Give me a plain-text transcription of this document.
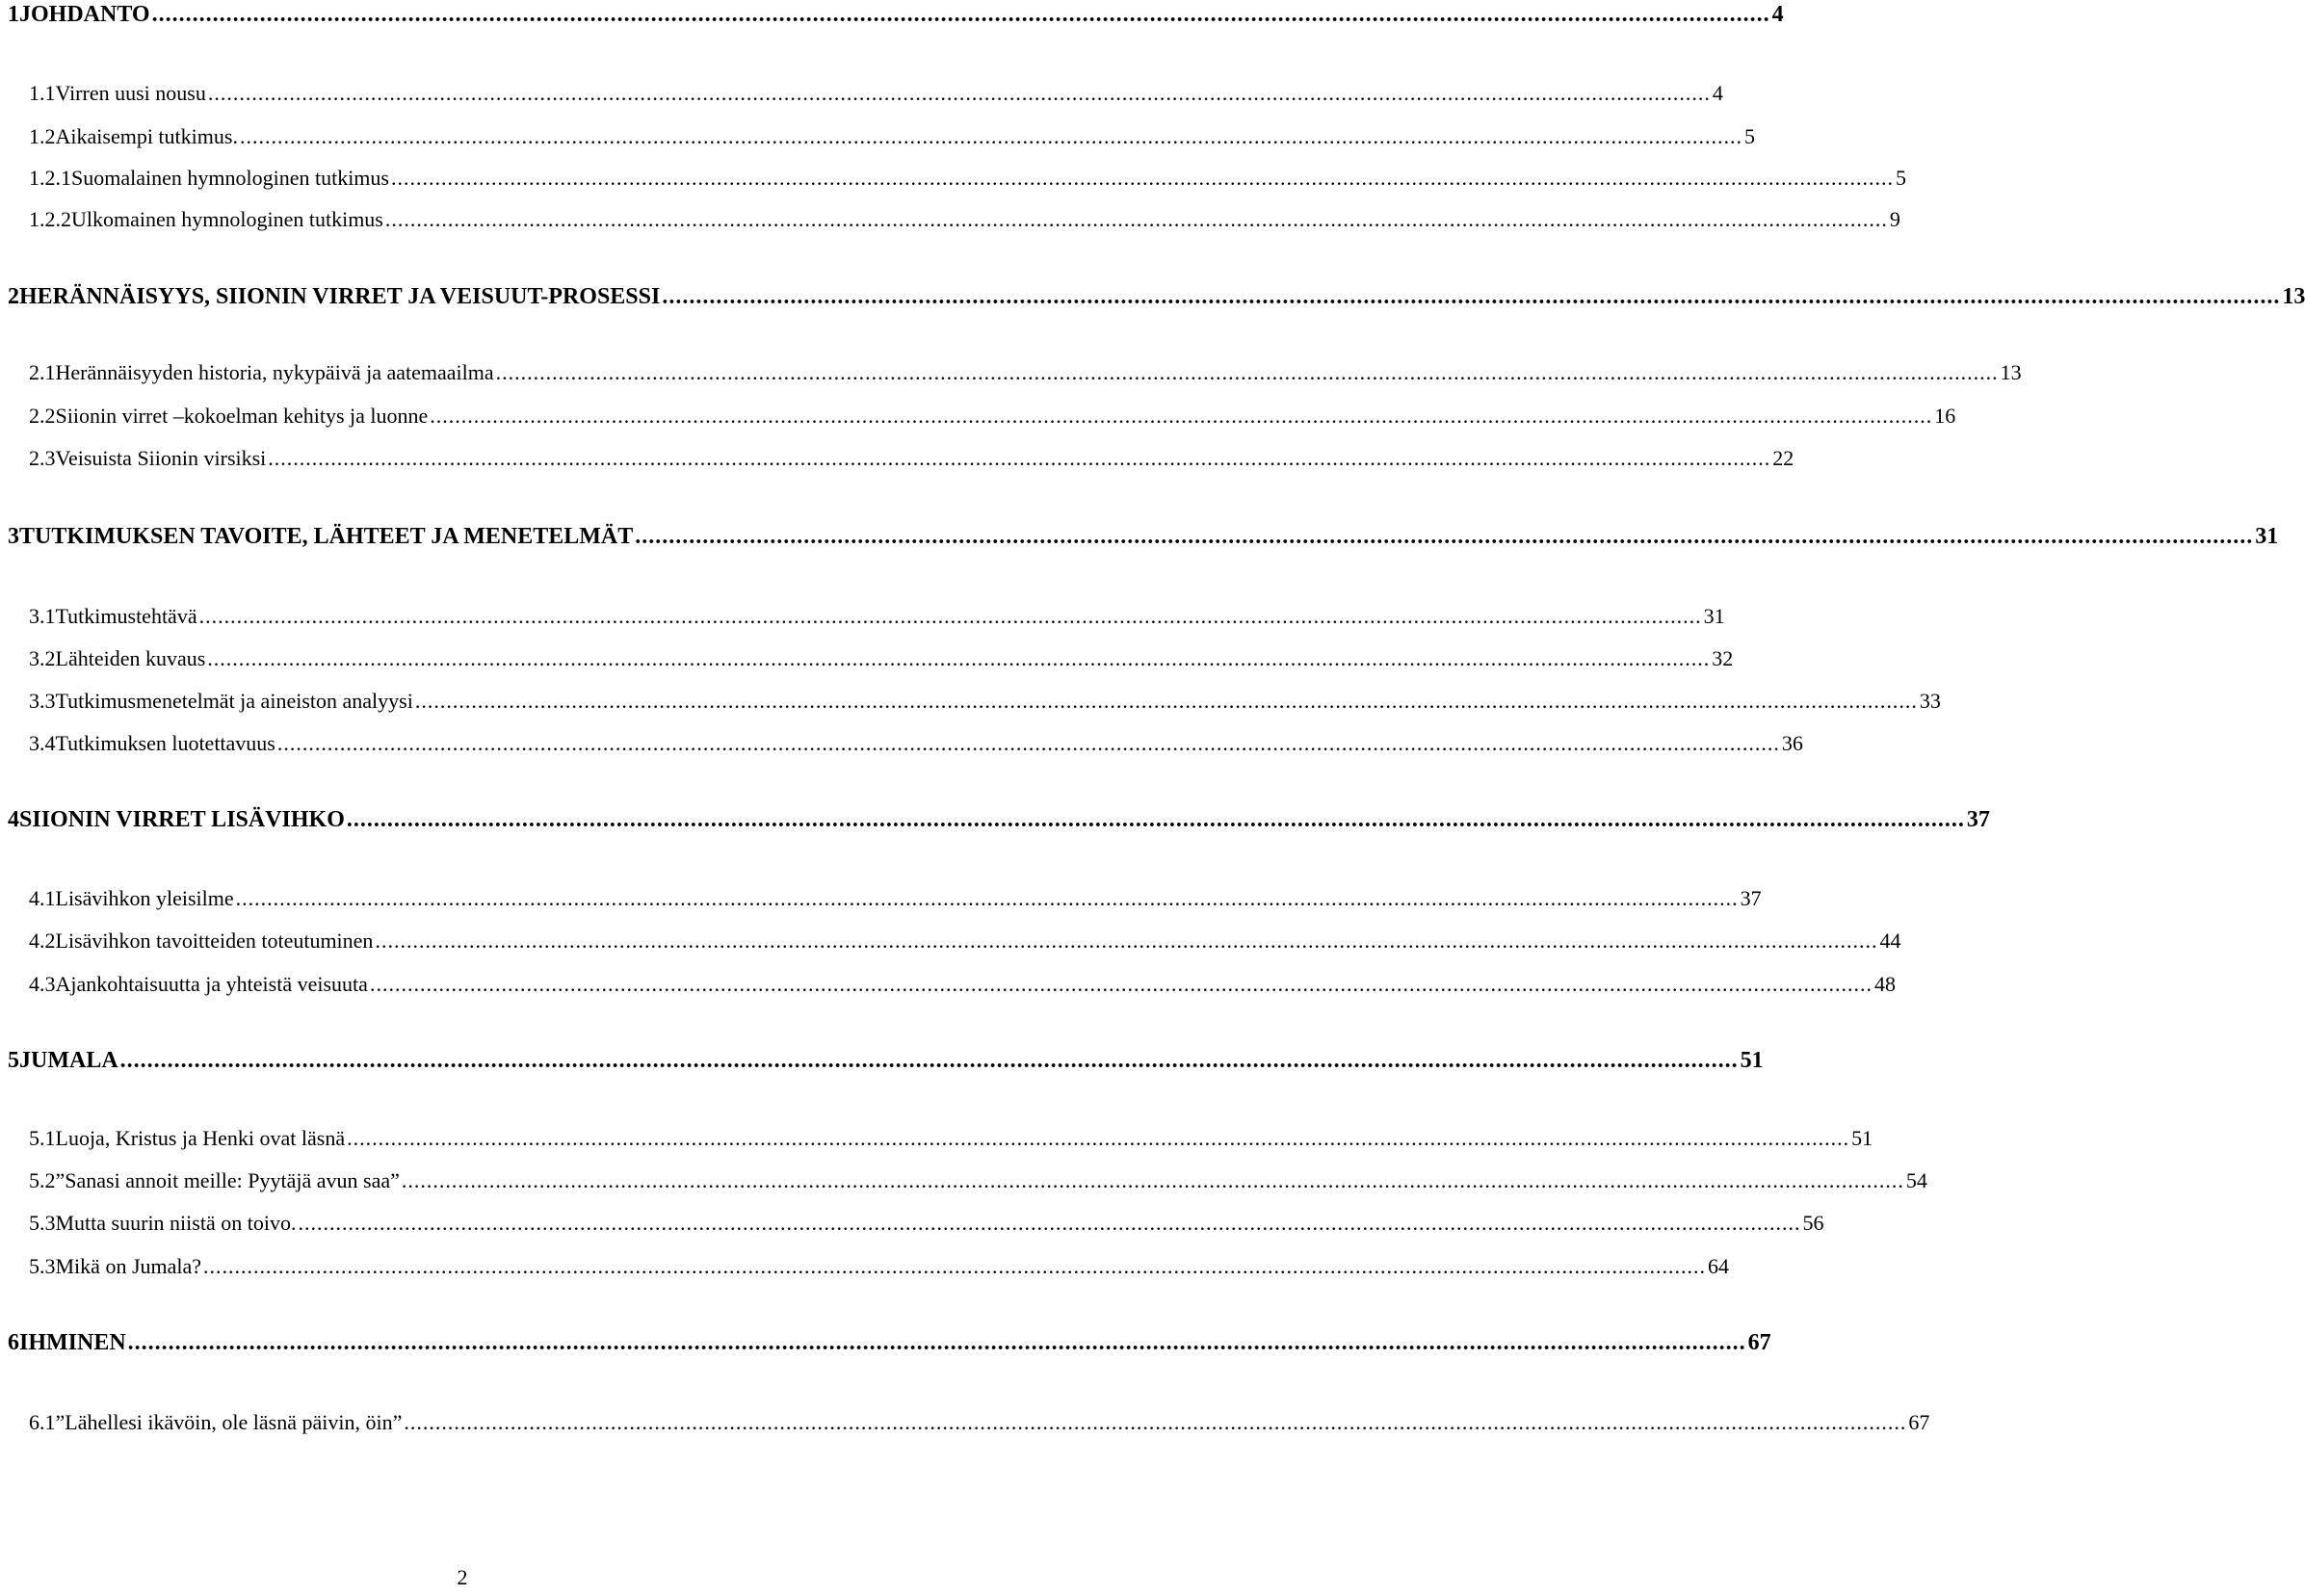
1 JOHDANTO ................................................................................................................................................................................................................................................ 4
1.1 Virren uusi nousu ................................................................................................................................................................................................................................................ 4
1.2 Aikaisempi tutkimus. ................................................................................................................................................................................................................................................ 5
1.2.1 Suomalainen hymnologinen tutkimus ................................................................................................................................................................................................................................................ 5
1.2.2 Ulkomainen hymnologinen tutkimus ................................................................................................................................................................................................................................................ 9
2 HERÄNNÄISYYS, SIIONIN VIRRET JA VEISUUT-PROSESSI ................................................................................................................................................................................................................................................ 13
2.1 Herännäisyyden historia, nykypäivä ja aatemaailma ................................................................................................................................................................................................................................................ 13
2.2 Siionin virret –kokoelman kehitys ja luonne ................................................................................................................................................................................................................................................ 16
2.3 Veisuista Siionin virsiksi ................................................................................................................................................................................................................................................ 22
3 TUTKIMUKSEN TAVOITE, LÄHTEET JA MENETELMÄT ................................................................................................................................................................................................................................................ 31
3.1 Tutkimustehtävä ................................................................................................................................................................................................................................................ 31
3.2 Lähteiden kuvaus ................................................................................................................................................................................................................................................ 32
3.3 Tutkimusmenetelmät ja aineiston analyysi ................................................................................................................................................................................................................................................ 33
3.4 Tutkimuksen luotettavuus ................................................................................................................................................................................................................................................ 36
4 SIIONIN VIRRET LISÄVIHKO ................................................................................................................................................................................................................................................ 37
4.1 Lisävihkon yleisilme ................................................................................................................................................................................................................................................ 37
4.2 Lisävihkon tavoitteiden toteutuminen ................................................................................................................................................................................................................................................ 44
4.3 Ajankohtaisuutta ja yhteistä veisuuta ................................................................................................................................................................................................................................................ 48
5 JUMALA ................................................................................................................................................................................................................................................ 51
5.1 Luoja, Kristus ja Henki ovat läsnä ................................................................................................................................................................................................................................................ 51
5.2 ”Sanasi annoit meille: Pyytäjä avun saa” ................................................................................................................................................................................................................................................ 54
5.3 Mutta suurin niistä on toivo. ................................................................................................................................................................................................................................................ 56
5.3 Mikä on Jumala? ................................................................................................................................................................................................................................................ 64
6 IHMINEN ................................................................................................................................................................................................................................................ 67
6.1 ”Lähellesi ikävöin, ole läsnä päivin, öin” ................................................................................................................................................................................................................................................ 67
2
